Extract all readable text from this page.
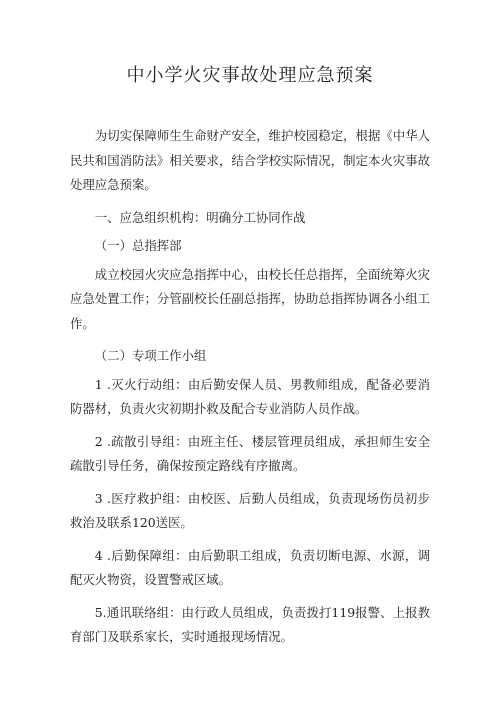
中小学火灾事故处理应急预案

为切实保障师生生命财产安全，维护校园稳定，根据《中华人民共和国消防法》相关要求，结合学校实际情况，制定本火灾事故处理应急预案。

一、应急组织机构：明确分工协同作战

（一）总指挥部

成立校园火灾应急指挥中心，由校长任总指挥，全面统筹火灾应急处置工作；分管副校长任副总指挥，协助总指挥协调各小组工作。

（二）专项工作小组

1 .灭火行动组：由后勤安保人员、男教师组成，配备必要消防器材，负责火灾初期扑救及配合专业消防人员作战。

2 .疏散引导组：由班主任、楼层管理员组成，承担师生安全疏散引导任务，确保按预定路线有序撤离。

3 .医疗救护组：由校医、后勤人员组成，负责现场伤员初步救治及联系120送医。

4 .后勤保障组：由后勤职工组成，负责切断电源、水源，调配灭火物资，设置警戒区域。

5.通讯联络组：由行政人员组成，负责拨打119报警、上报教育部门及联系家长，实时通报现场情况。
